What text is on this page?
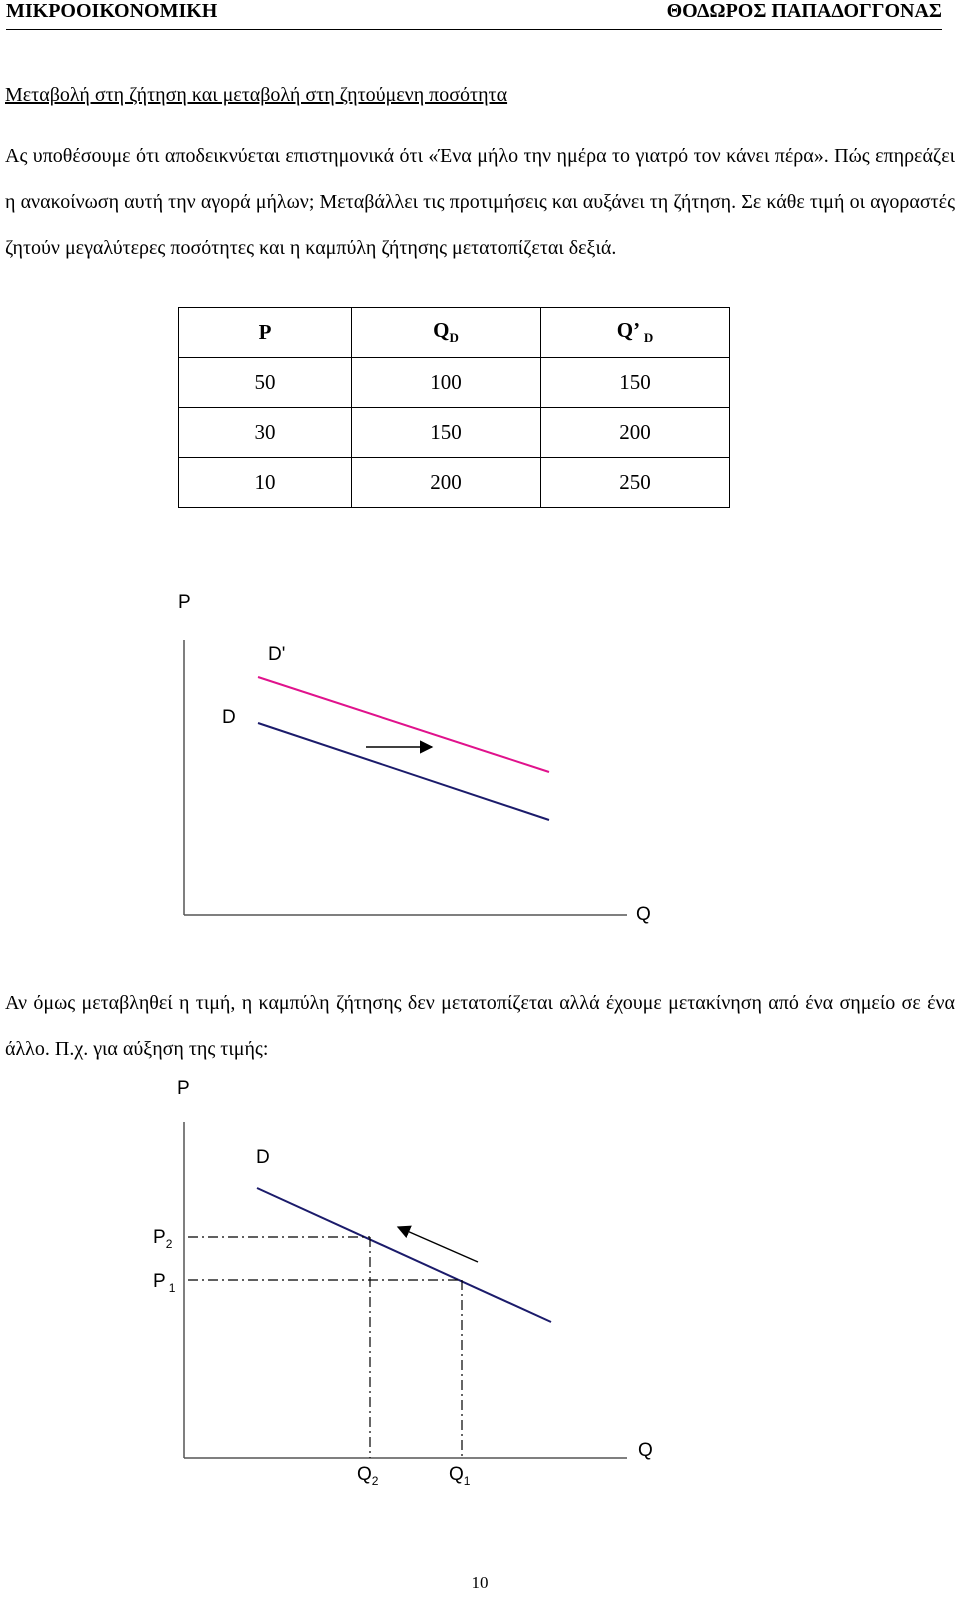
ΜΙΚΡΟΟΙΚΟΝΟΜΙΚΗ	ΘΟΔΩΡΟΣ ΠΑΠΑΔΟΓΓΟΝΑΣ
Μεταβολή στη ζήτηση και μεταβολή στη ζητούμενη ποσότητα
Ας υποθέσουμε ότι αποδεικνύεται επιστημονικά ότι «Ένα μήλο την ημέρα το γιατρό τον κάνει πέρα». Πώς επηρεάζει η ανακοίνωση αυτή την αγορά μήλων; Μεταβάλλει τις προτιμήσεις και αυξάνει τη ζήτηση. Σε κάθε τιμή οι αγοραστές ζητούν μεγαλύτερες ποσότητες και η καμπύλη ζήτησης μετατοπίζεται δεξιά.
P	$Q_D$	Q’ $_D$
50	100	150
30	150	200
10	200	250
P
Q
D'
D
P
Q
D
$P_2$
P $_1$
$Q_2$	$Q_1$
Αν όμως μεταβληθεί η τιμή, η καμπύλη ζήτησης δεν μετατοπίζεται αλλά έχουμε μετακίνηση από ένα σημείο σε ένα άλλο. Π.χ. για αύξηση της τιμής:
10
